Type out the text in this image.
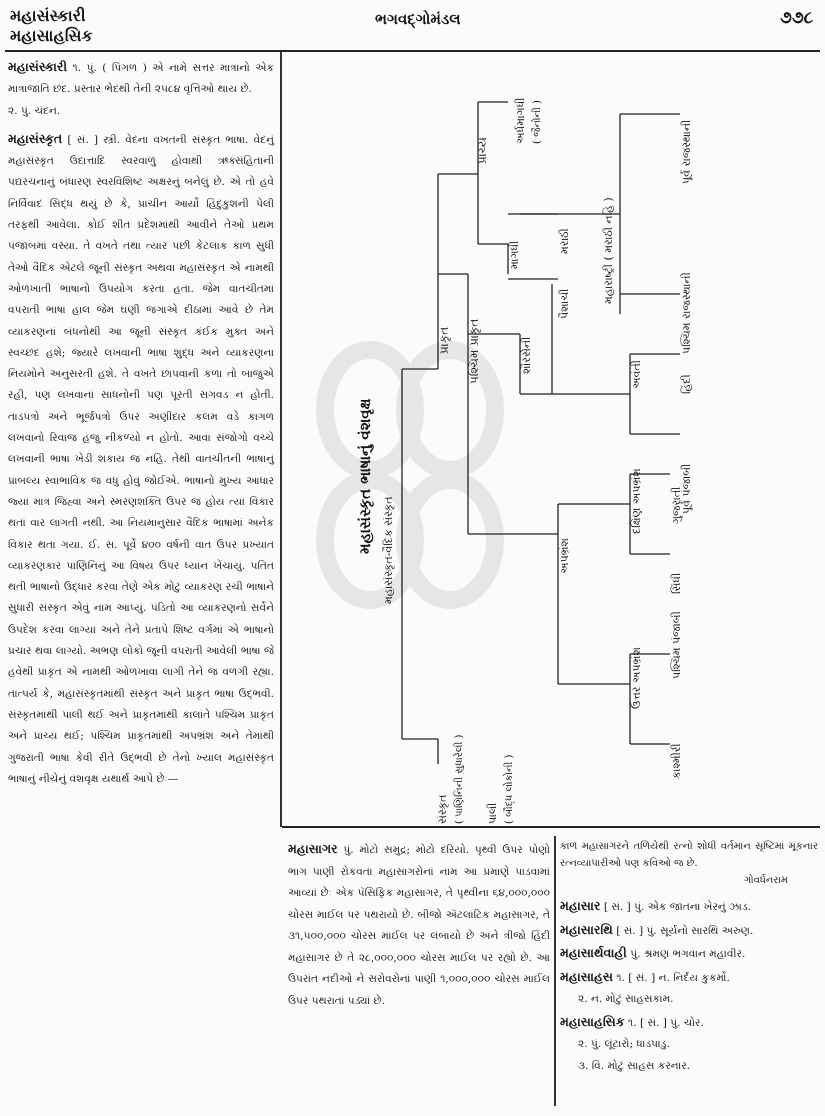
મહાસંસ્કારી
મહાસાહસિક
ભગવદ્ગોમંડલ	૭૭૮
મહાસંસ્કારી ૧. પું. ( પિંગળ ) એ નામે સત્તર માત્રાનો એક માત્રાજાતિ છંદ. પ્રસ્તાર ભેદથી તેની ૨૫૮૪ વૃત્તિઓ થાય છે.
૨. પું. ચંદન.
મહાસંસ્કૃત [ સં. ] સ્ત્રી. વેદના વખતની સંસ્કૃત ભાષા. વેદનું મહાસંસ્કૃત ઉદાત્તાદિ સ્વરવાળું હોવાથી ઋક્સંહિતાની પદ્યરચનાનું બંધારણ સ્વરવિશિષ્ટ અક્ષરનું બનેલું છે. એ તો હવે નિર્વિવાદ સિદ્ધ થયું છે કે, પ્રાચીન આર્યો હિંદુકુશની પેલી તરફથી આવેલા. કોઈ શીત પ્રદેશમાંથી આવીને તેઓ પ્રથમ પંજાબમાં વસ્યા. તે વખતે તથા ત્યાર પછી કેટલાક કાળ સુધી તેઓ વૈદિક એટલે જૂની સંસ્કૃત અથવા મહાસંસ્કૃત એ નામથી ઓળખાતી ભાષાનો ઉપયોગ કરતા હતા. જેમ વાતચીતમાં વપરાતી ભાષા હાલ જેમ ઘણી જગાએ દીઠામાં આવે છે તેમ વ્યાકરણનાં બંધનોથી આ જૂની સંસ્કૃત કંઈક મુક્ત અને સ્વચ્છંદ હશે; જ્યારે લખવાની ભાષા શુદ્ધ અને વ્યાકરણના નિયમોને અનુસરતી હશે. તે વખતે છાપવાની કળા તો બાજુએ રહી, પણ લખવાનાં સાધનોની પણ પૂરતી સગવડ ન હોતી. તાડપત્રો અને ભૂર્જપત્રો ઉપર અણીદાર કલમ વડે કાગળ લખવાનો રિવાજ હજુ નીકળ્યો ન હોતો. આવા સંજોગો વચ્ચે લખવાની ભાષા ખેડી શકાય જ નહિ. તેથી વાતચીતની ભાષાનું પ્રાબલ્ય સ્વાભાવિક જ વધુ હોવું જોઈએ. ભાષાનો મુખ્ય આધાર જ્યાં માત્ર જિહ્વા અને સ્મરણશક્તિ ઉપર જ હોય ત્યાં વિકાર થતાં વાર લાગતી નથી. આ નિયમાનુસાર વૈદિક ભાષામાં અનેક વિકાર થતા ગયા. ઈ. સ. પૂર્વે ૪૦૦ વર્ષની વાત ઉપર પ્રખ્યાત વ્યાકરણકાર પાણિનિનું આ વિષય ઉપર ધ્યાન ખેંચાયું. પતિત થતી ભાષાનો ઉદ્ધાર કરવા તેણે એક મોટું વ્યાકરણ રચી ભાષાને સુધારી સંસ્કૃત એવું નામ આપ્યું. પંડિતો આ વ્યાકરણનો સર્વેને ઉપદેશ કરવા લાગ્યા અને તેને પ્રતાપે શિષ્ટ વર્ગમાં એ ભાષાનો પ્રચાર થવા લાગ્યો. અભણ લોકો જૂની વપરાતી આવેલી ભાષા જે હવેથી પ્રાકૃત એ નામથી ઓળખાવા લાગી તેને જ વળગી રહ્યા. તાત્પર્ય કે, મહાસંસ્કૃતમાંથી સંસ્કૃત અને પ્રાકૃત ભાષા ઉદ્ભવી. સંસ્કૃતમાંથી પાલી થઈ અને પ્રાકૃતમાંથી કાલાંતે પશ્ચિમ પ્રાકૃત અને પ્રાચ્ય થઈ; પશ્ચિમ પ્રાકૃતમાંથી અપભ્રંશ અને તેમાંથી ગુજરાતી ભાષા કેવી રીતે ઉદ્ભવી છે તેનો ખ્યાલ મહાસંસ્કૃત ભાષાનું નીચેનું વંશવૃક્ષ યથાર્થ આપે છેઃ—
મહાસંસ્કૃત ભાષાનું વંશવૃક્ષ મહાસંસ્કૃત-વૈદિક સંસ્કૃત
પ્રાકૃત
સંસ્કૃત ( પાણિનિની સુધારેલી ) પાલી ( બૌદ્ધ લોકોની )
પ્રાચ્ય
પશ્ચિમ પ્રાકૃત
અર્ધમાગધી ( જૈનોની )
માગધી	મરાઠી
પૈશાચી
શૌરસેની
મહારાષ્ટ્રી ( મરાઠી નહિ )
પૂર્વ રાજસ્થાની
પશ્ચિમ રાજસ્થાની
અવંતી	હિંદી
પૂર્વ પંજાબી
અપભ્રંશ
દક્ષિણ અપભ્રંશ ગુજરાતી
સિંધી
ઉત્તર અપભ્રંશ પશ્ચિમ પંજાબી
કાશ્મીરી
મહાસાગર પું. મોટો સમુદ્ર; મોટો દરિયો. પૃથ્વી ઉપર પોણો ભાગ પાણી રોકવતા મહાસાગરોનાં નામ આ પ્રમાણે પાડવામાં આવ્યાં છેઃ એક પૅસિફિક મહાસાગર, તે પૃથ્વીના ૬૪,૦૦૦,૦૦૦ ચોરસ માઈલ પર પથરાયો છે. બીજો ઍટલાંટિક મહાસાગર, તે ૩૧,૫૦૦,૦૦૦ ચોરસ માઈલ પર લંબાયો છે અને ત્રીજો હિંદી મહાસાગર છે તે ૨૮,૦૦૦,૦૦૦ ચોરસ માઈલ પર રહ્યો છે. આ ઉપરાંત નદીઓ ને સરોવરોનાં પાણી ૧,૦૦૦,૦૦૦ ચોરસ માઈલ ઉપર પથરાતાં પડ્યાં છે.
કાળ મહાસાગરને તળિયેથી રત્નો શોધી વર્તમાન સૃષ્ટિમાં મૂકનાર રત્નવ્યાપારીઓ પણ કવિઓ જ છે.
ગોવર્ધનરામ
મહાસાર [ સં. ] પું. એક જાતના ખેરનું ઝાડ.
મહાસારથિ [ સં. ] પું. સૂર્યનો સારથિ અરુણ.
મહાસાર્થવાહી પું. શ્રમણ ભગવાન મહાવીર.
મહાસાહસ ૧. [ સં. ] ન. નિર્દય કુકર્મો.
૨. ન. મોટું સાહસકામ.
મહાસાહસિક ૧. [ સં. ] પું. ચોર.
૨. પું. લૂંટારો; ધાડપાડુ.
૩. વિ. મોટું સાહસ કરનાર.
